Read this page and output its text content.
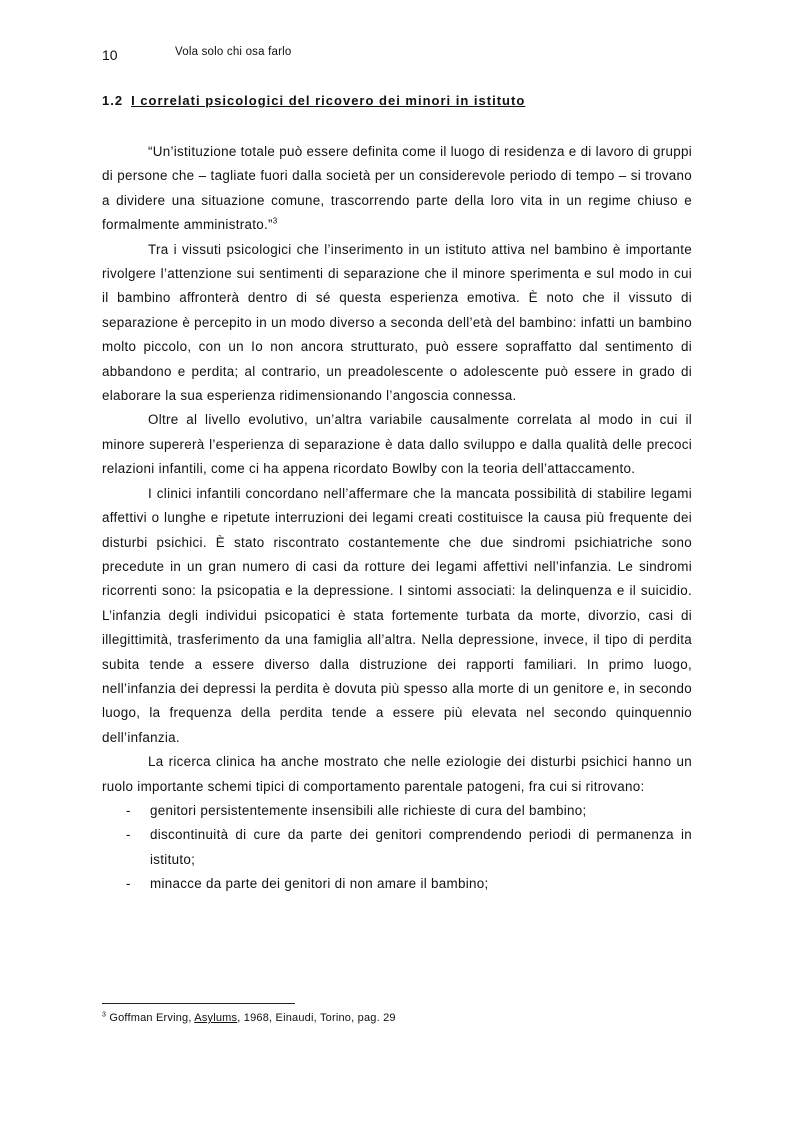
10	Vola solo chi osa farlo
1.2 I correlati psicologici del ricovero dei minori in istituto

“Un’istituzione totale può essere definita come il luogo di residenza e di lavoro di gruppi di persone che – tagliate fuori dalla società per un considerevole periodo di tempo – si trovano a dividere una situazione comune, trascorrendo parte della loro vita in un regime chiuso e formalmente amministrato.”$^3$

Tra i vissuti psicologici che l’inserimento in un istituto attiva nel bambino è importante rivolgere l’attenzione sui sentimenti di separazione che il minore sperimenta e sul modo in cui il bambino affronterà dentro di sé questa esperienza emotiva. È noto che il vissuto di separazione è percepito in un modo diverso a seconda dell’età del bambino: infatti un bambino molto piccolo, con un Io non ancora strutturato, può essere sopraffatto dal sentimento di abbandono e perdita; al contrario, un preadolescente o adolescente può essere in grado di elaborare la sua esperienza ridimensionando l’angoscia connessa.

Oltre al livello evolutivo, un’altra variabile causalmente correlata al modo in cui il minore supererà l’esperienza di separazione è data dallo sviluppo e dalla qualità delle precoci relazioni infantili, come ci ha appena ricordato Bowlby con la teoria dell’attaccamento.

I clinici infantili concordano nell’affermare che la mancata possibilità di stabilire legami affettivi o lunghe e ripetute interruzioni dei legami creati costituisce la causa più frequente dei disturbi psichici. È stato riscontrato costantemente che due sindromi psichiatriche sono precedute in un gran numero di casi da rotture dei legami affettivi nell’infanzia. Le sindromi ricorrenti sono: la psicopatia e la depressione. I sintomi associati: la delinquenza e il suicidio. L’infanzia degli individui psicopatici è stata fortemente turbata da morte, divorzio, casi di illegittimità, trasferimento da una famiglia all’altra. Nella depressione, invece, il tipo di perdita subita tende a essere diverso dalla distruzione dei rapporti familiari. In primo luogo, nell’infanzia dei depressi la perdita è dovuta più spesso alla morte di un genitore e, in secondo luogo, la frequenza della perdita tende a essere più elevata nel secondo quinquennio dell’infanzia.

La ricerca clinica ha anche mostrato che nelle eziologie dei disturbi psichici hanno un ruolo importante schemi tipici di comportamento parentale patogeni, fra cui si ritrovano:

- genitori persistentemente insensibili alle richieste di cura del bambino;
- discontinuità di cure da parte dei genitori comprendendo periodi di permanenza in istituto;
- minacce da parte dei genitori di non amare il bambino;
$^3$ Goffman Erving, Asylums, 1968, Einaudi, Torino, pag. 29
